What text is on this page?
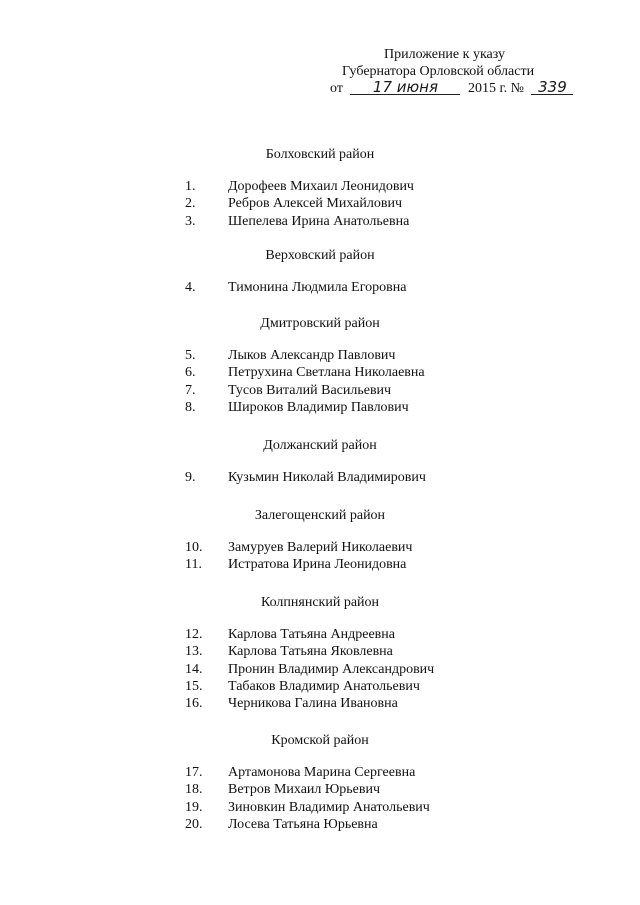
Приложение к указу
Губернатора Орловской области
от 17 июня 2015 г. № 339
Болховский район
1.	Дорофеев Михаил Леонидович
2.	Ребров Алексей Михайлович
3.	Шепелева Ирина Анатольевна
Верховский район
4.	Тимонина Людмила Егоровна
Дмитровский район
5.	Лыков Александр Павлович
6.	Петрухина Светлана Николаевна
7.	Тусов Виталий Васильевич
8.	Широков Владимир Павлович
Должанский район
9.	Кузьмин Николай Владимирович
Залегощенский район
10.	Замуруев Валерий Николаевич
11.	Истратова Ирина Леонидовна
Колпнянский район
12.	Карлова Татьяна Андреевна
13.	Карлова Татьяна Яковлевна
14.	Пронин Владимир Александрович
15.	Табаков Владимир Анатольевич
16.	Черникова Галина Ивановна
Кромской район
17.	Артамонова Марина Сергеевна
18.	Ветров Михаил Юрьевич
19.	Зиновкин Владимир Анатольевич
20.	Лосева Татьяна Юрьевна
